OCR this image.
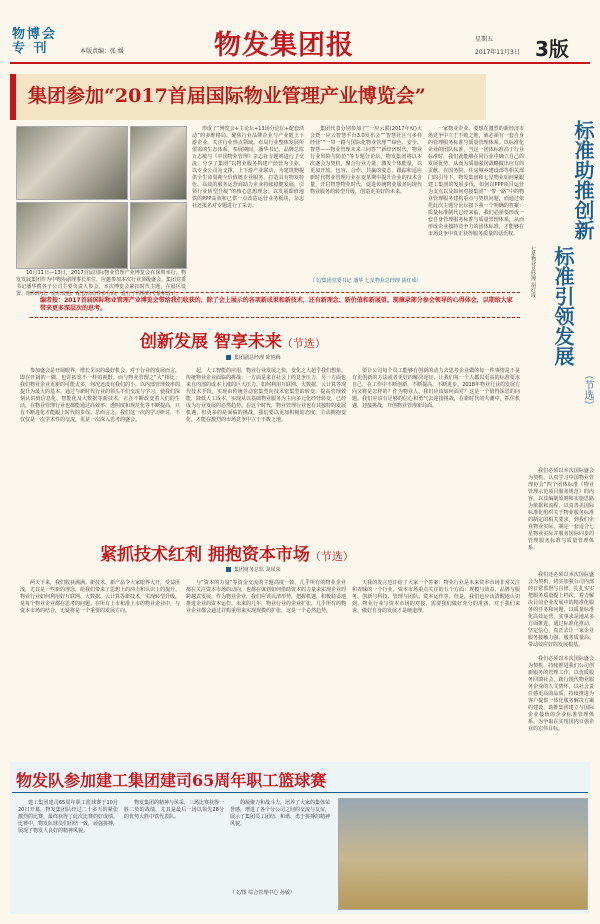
物博会
专 刊	本版责编：张 媛	物发集团报	星期五
2017年11月3日 3版
集团参加“2017首届国际物业管理产业博览会”

10月11日—13日，2017首届国际物业管理产业博览会在深圳举行。物发发展集团作为中物协副理事长单位，应邀参加本次行业顶级盛会。集团党委书记潘华携各子公司主要负责人参会。本次博览会紧扣时代主题，在展区设置、组织形式、论坛议题、配套活动等多方面，进行了周密的考量和设计。

形成了“博览会+主论坛+13场分论坛+配套活动”的多维格局。聚焦行业品牌企业与产业链上下游企业，关注行业热点领域。布局行业整体发展所依需的生态体系。参展期间，潘华书记、品牌总监万志敏与《中国物业管理》杂志社专题则进行了交流，分享了集团“以物业服务构建产经营为主业，以专业公司为支撑，上下游产业联动，为建筑物提供全生命周期全价值链专业服务，打造具有物发特色、高效的服务运营商助力企业持续稳健发展，引领行业转型升级”的核心思想理念；以发展即值地铁的PPP高效和已供一点改造运营业务板块，杂志社还报名对专题进行了采访。

集团代表分别参加了“一应云联(2017年度)大会暨一应云智慧平台3.0发布会”“智慧社区与多样经营”“一带一路与国际化物业管理”“绿色、安全、智慧——物业管理未来三问答”“新经济时代，物业行业风险与防范”等专题分论坛。物发集团将以本次盛会为契机，聚合行业力量，激发个体能量，以更加开放、包容、合作、共赢的姿态，跟踪和适应新时代物业管理行业在变革期中提升企业的技术含量，开启智慧物业时代，促进传统物业服务向现代物业服务的转型升级，创造更美好的未来。

（文/集团党委书记 潘华 七星物业总经理 胡红成）

一家物业企业，要想在激烈的新经济市场竞争中立于不败之地，就必须有一套自身的管理服务标准与质量管理体系。以标准化企业的团队标准，当这一团体标准高于行业标准时，我们就能够在同行业中确立自己的发展优势，从而为质量强国战略做出应有的贡献。在国务院、住房城乡建设部等相关部门的引导下，物发集团和七星物业如何紧跟建工集团的发展步伐，如何以PPP项目运营为支点以及如何对接集团“一带一路”中的物业管理服务建构重点与契机问题，而通过依托此次主题分论坛接下我一个明确的答案：质量标准制代已经来临，我们必须要形成一套自身管理服务标准与质量管理体系，从而形成企业独特竞争力的团体标准，才能够在市场竞争中真正获得服务质量的话语权。	标准助推创新
标准引领发展
七星物业总经理 胡红成
（节选）

我们必须以本次国际盛会为契机，认真学习中国物业管理协会“四个团体标准《物业管理示范项目服务规范》的内容，以其编制原则和实施思路为依据和流程，以真善美国际标准化组织关于物业服务标准的制定的相关要求，到我们企业物业实际，制定一套适合七星物业实际并服务国际同步的管理服务标准与质量管理体系。

我们还必须以本次国际盛会为契机，切实加强公司内部的日常监督与自律，扎扎实实把服务质量提上档次，着力解决目前企业发展中的精准化服务的任务和问题，以质量标准化高效运营，实事求是地从多方面推进，通过标准化推动，坚定信心，真正去让一家企业服务接触力强、服务质量高、带动效应好的发展根基。

我们必须以本次国际盛会为契机，持续推进我们公司创新服务的管理工作，以优质服务回馈社会，践行现代物业服务企业的人文情怀，以社会责任感更高的品质，持续推进为客户提供一体化服务解决方案的建设，助推集团建立与国际企业接轨的企业标准管理体系，为争取在实现国内百强企业的宏伟目标。

编者按：2017首届国际物业管理产业博览会带给我们收获的，除了会上展示的各项新成果和新技术，还有新理念、新价值和新展望。现摘录部分参会领导的心得体会，以期给大家带来更多深层次的思考。
创新发展 智享未来（节选）
集团副总经理 欧艳梅

参加盛会是开阔眼界，增长见识的最好机会。对于行业的发展而言，即在开阔的一隅，也许拓宽不一样的视野。而与物业管理之“大”相比：我们物业企业更新的可能太多，何况还没有我们的小，以内部管理效率的提升为最大的基本。通过与新时代行业的领头羊们交流与学习，使我们深刻认识到信息化、智能化及大数据等新技术，正在不断改变着人们的生活，在物业管理行业也都能通过高效率、透明度和规范化等不断提高，只有不断进化才能跟上时代的步伐。总而言之，我们这一次的学习研讨，不仅仅是一次学术性的交流，更是一次深入思考的盛会。

起，人工智能的应用，物业行业发展之快，变化之大超乎我们想象。传统物业企业面临的挑战：一方面是来自社会上的竞争压力，另一方面也来自内部的成本上涨的巨大压力。如何利用互联网、大数据、云计算等现代技术手段，实现由传统劳动密集型向技术密集型的转变，提高管理效能，降低人工成本，实现从以基础物业服务为主向多元化经营转变，已经成为行业发展的必然趋势。在这个时代，物业管理行业也有其独特的发展机遇，但更多的是面临的挑战，我们要以更加积极的态度，主动拥抱变化，才能在激烈的市场竞争中立于不败之地。

要让公司每个员工能够有创新的动力去思考企业做的每一件事情是不是有更创新的方法或者更好的解决途径，让我们每一个人都以更高的标准要求自己，在工作中不断创新，不断提高，不断进步。2018年物业行业的发展方向又将是怎样的？作为物业人，我们应该如何面对？这是一个值得深思的问题。我们应该有足够的信心和勇气去迎接挑战，在新时代的大潮中，抓住机遇，迎接挑战，开创物业管理新局面。

紧抓技术红利 拥抱资本市场（节选）
集团财务总监 龙凤荣

两天下来，我们收获满满。新技术、新产品令大家眼界大开，受益匪浅，尤其是一些新的理念，给我们带来了思想上的冲击和认识上的提升。物业行业如何利用好互联网、大数据、云计算等新技术，实现转型升级，是每个物业企业都在思考的问题。在所有上市和准上市的物业企业中，与资本市场的结合，无疑将是一个重要的发展方向。

与“资本的力量”等资金交流的主题高度一致。几乎所有的物业企业都在关注资本市场的动向，也都在谋划如何借助资本的力量来实现企业的跨越式发展。作为物业企业，我们应该认清形势，把握机遇，积极稳妥地推进企业的资本运作。未来的几年，物业行业的企业扩张，几乎所有的物业企业都会通过并购重组来实现规模的扩张，这是一个必然趋势。

天我的发言也许给了大家一个答案：物业行业是未来资本市场非常关注和青睐的一个行业。资本市场重点关注的五个方面：规模与效益、品牌与服务、创新与科技、管理与团队、资本运作等。但是，我们也应该清醒地认识到，物业行业与资本市场的对接，需要我们做好充分的准备，对于我们来说，做好自身的发展才是硬道理。

物发队参加建工集团建司65周年职工篮球赛

建工集团建司65周年职工篮球赛于10月20日开幕。物发集团队经过二十多天的紧张激烈的比赛，最终获得了此次比赛的好成绩。比赛中，物发队球员们团结一致，顽强拼搏，展现了物发人良好的精神风貌。

物发集团的精神与风采，三场比赛获得一胜二负的战绩，尤其是最后一场以领先28分的优势大胜中铁代表队。

的凝聚力和战斗力，培养了大家的集体荣誉感，增进了各个分公司之间的交流与友谊，展示了集团员工团结、和谐、勇于拼搏的精神风貌。

（文/图 综合管理中心 孙敏）
